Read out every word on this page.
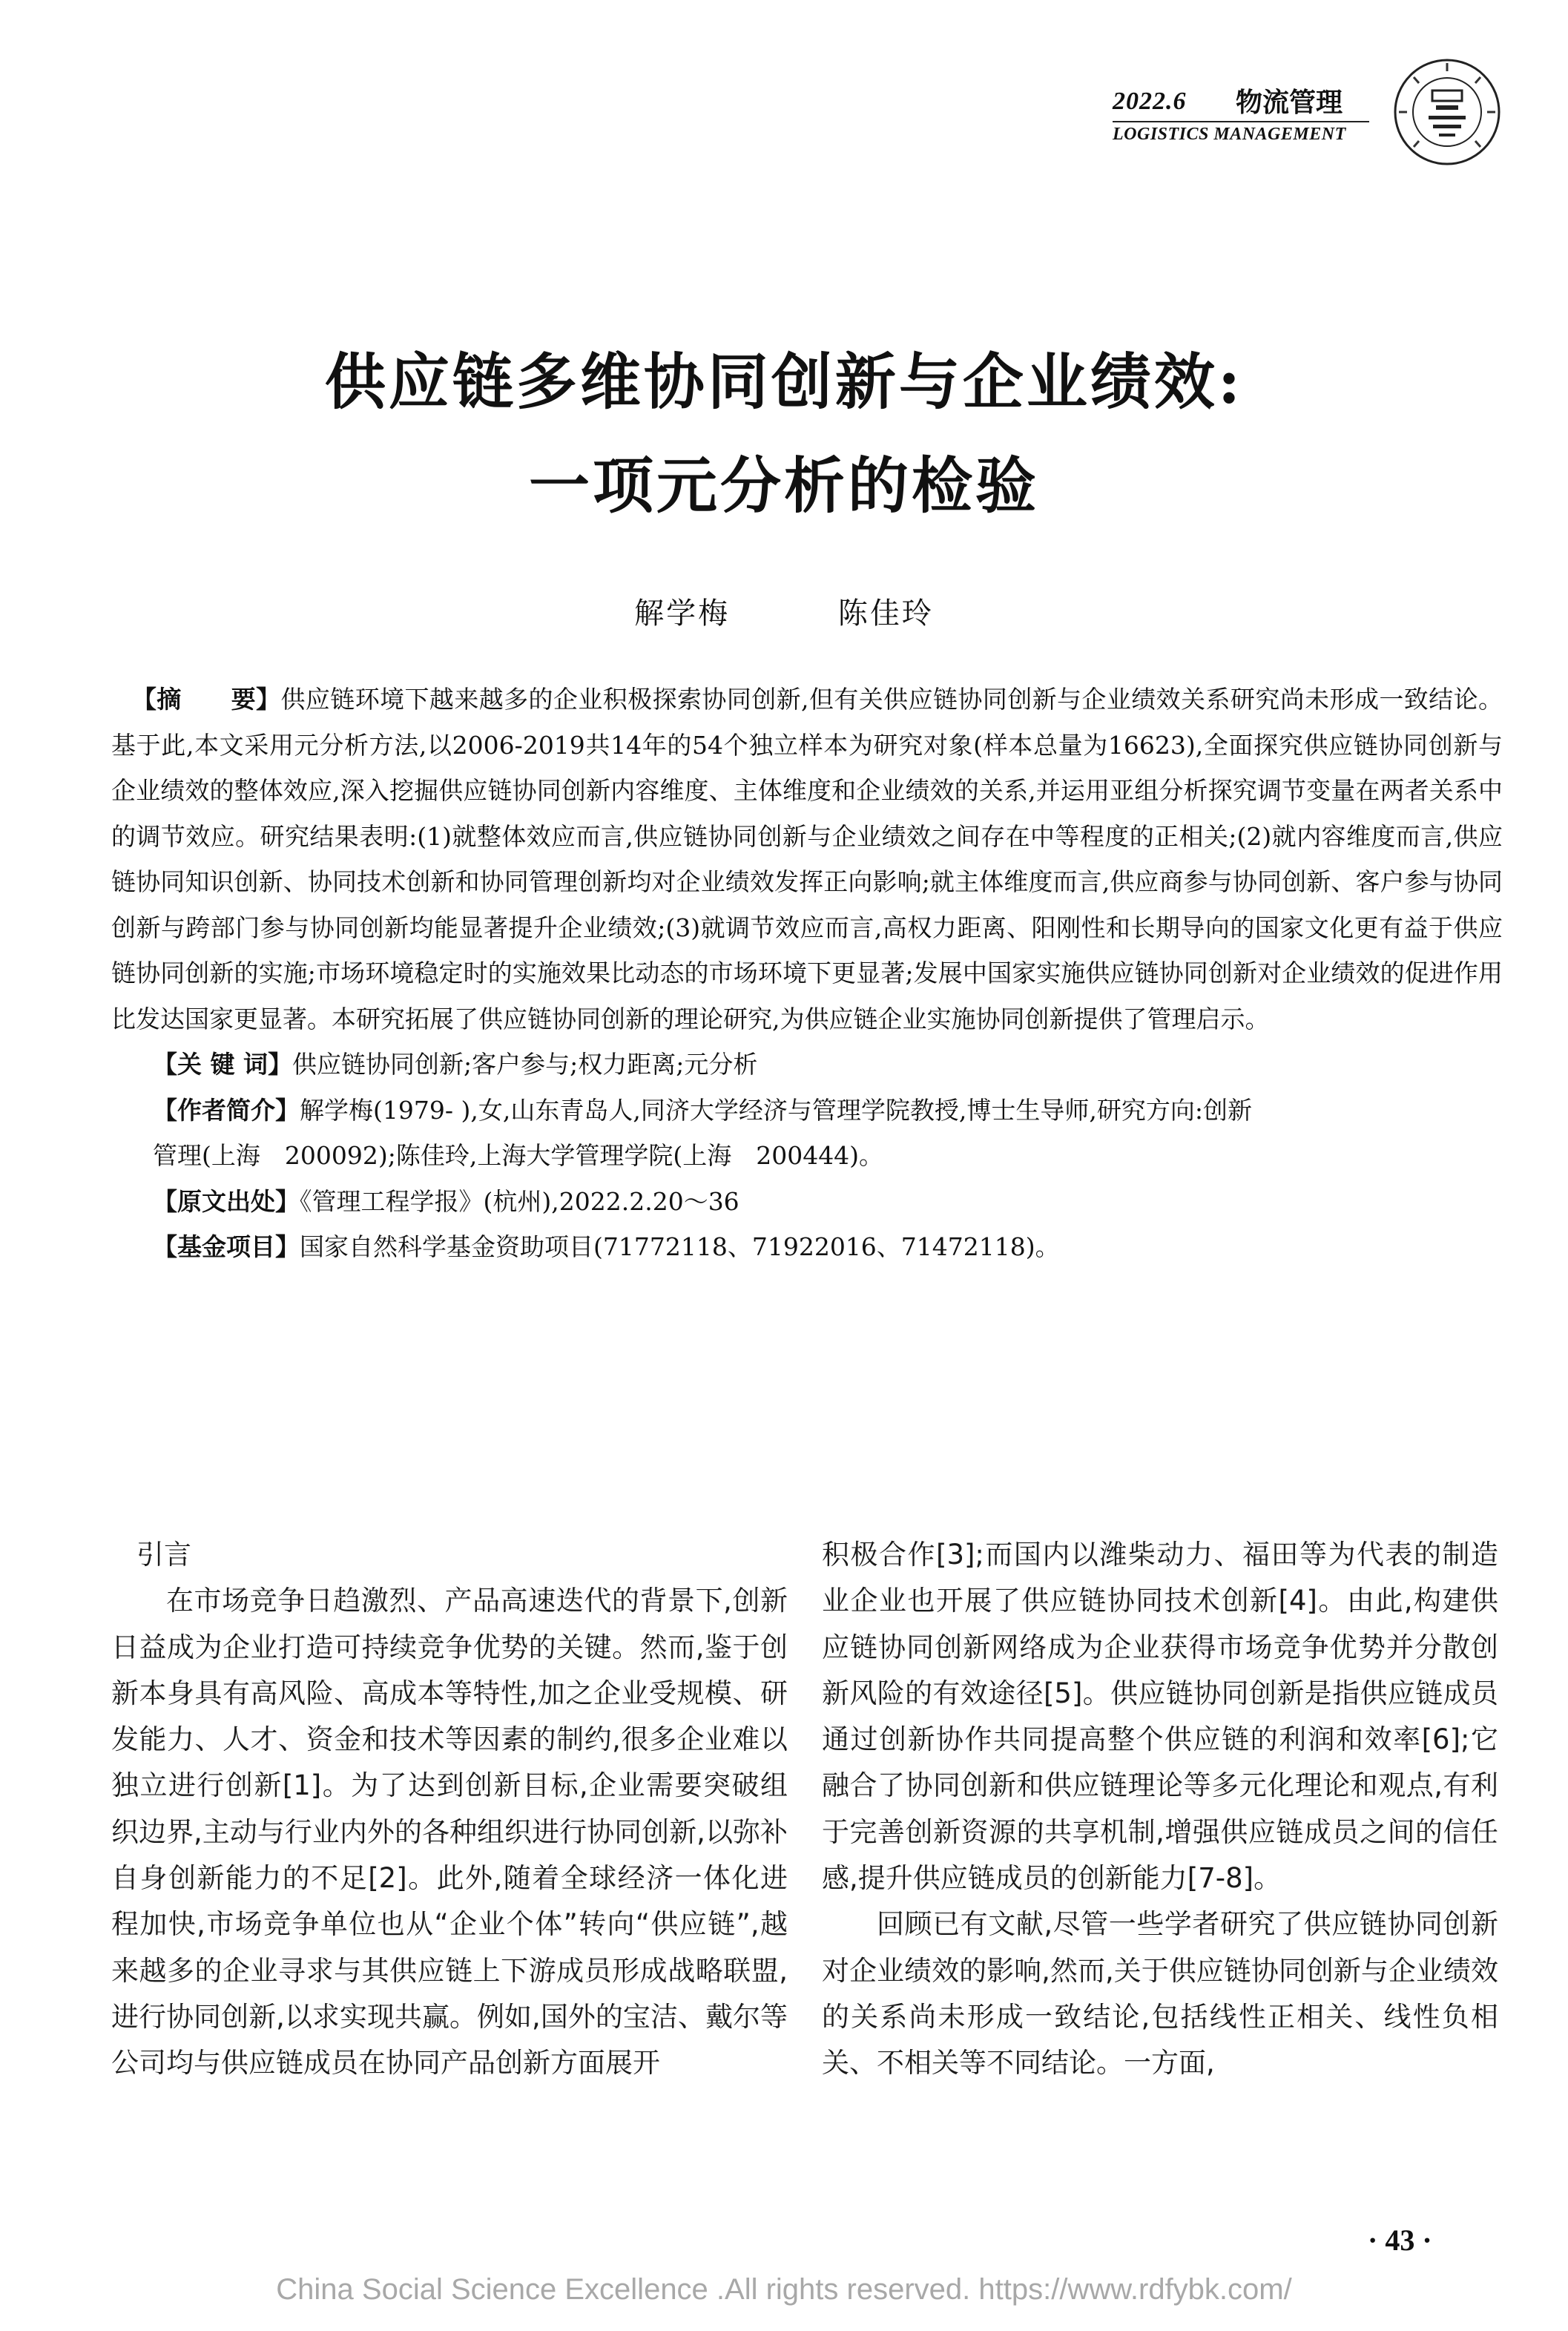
2022.6 物流管理
LOGISTICS MANAGEMENT
供应链多维协同创新与企业绩效:
一项元分析的检验
解学梅	陈佳玲

【摘　　要】供应链环境下越来越多的企业积极探索协同创新,但有关供应链协同创新与企业绩效关系研究尚未形成一致结论。基于此,本文采用元分析方法,以2006-2019共14年的54个独立样本为研究对象(样本总量为16623),全面探究供应链协同创新与企业绩效的整体效应,深入挖掘供应链协同创新内容维度、主体维度和企业绩效的关系,并运用亚组分析探究调节变量在两者关系中的调节效应。研究结果表明:(1)就整体效应而言,供应链协同创新与企业绩效之间存在中等程度的正相关;(2)就内容维度而言,供应链协同知识创新、协同技术创新和协同管理创新均对企业绩效发挥正向影响;就主体维度而言,供应商参与协同创新、客户参与协同创新与跨部门参与协同创新均能显著提升企业绩效;(3)就调节效应而言,高权力距离、阳刚性和长期导向的国家文化更有益于供应链协同创新的实施;市场环境稳定时的实施效果比动态的市场环境下更显著;发展中国家实施供应链协同创新对企业绩效的促进作用比发达国家更显著。本研究拓展了供应链协同创新的理论研究,为供应链企业实施协同创新提供了管理启示。

【关 键 词】供应链协同创新;客户参与;权力距离;元分析

【作者简介】解学梅(1979- ),女,山东青岛人,同济大学经济与管理学院教授,博士生导师,研究方向:创新
管理(上海　200092);陈佳玲,上海大学管理学院(上海　200444)。

【原文出处】《管理工程学报》(杭州),2022.2.20～36

【基金项目】国家自然科学基金资助项目(71772118、71922016、71472118)。

引言

在市场竞争日趋激烈、产品高速迭代的背景下,创新日益成为企业打造可持续竞争优势的关键。然而,鉴于创新本身具有高风险、高成本等特性,加之企业受规模、研发能力、人才、资金和技术等因素的制约,很多企业难以独立进行创新[1]。为了达到创新目标,企业需要突破组织边界,主动与行业内外的各种组织进行协同创新,以弥补自身创新能力的不足[2]。此外,随着全球经济一体化进程加快,市场竞争单位也从“企业个体”转向“供应链”,越来越多的企业寻求与其供应链上下游成员形成战略联盟,进行协同创新,以求实现共赢。例如,国外的宝洁、戴尔等公司均与供应链成员在协同产品创新方面展开

积极合作[3];而国内以潍柴动力、福田等为代表的制造业企业也开展了供应链协同技术创新[4]。由此,构建供应链协同创新网络成为企业获得市场竞争优势并分散创新风险的有效途径[5]。供应链协同创新是指供应链成员通过创新协作共同提高整个供应链的利润和效率[6];它融合了协同创新和供应链理论等多元化理论和观点,有利于完善创新资源的共享机制,增强供应链成员之间的信任感,提升供应链成员的创新能力[7-8]。

回顾已有文献,尽管一些学者研究了供应链协同创新对企业绩效的影响,然而,关于供应链协同创新与企业绩效的关系尚未形成一致结论,包括线性正相关、线性负相关、不相关等不同结论。一方面,

· 43 ·
China Social Science Excellence .All rights reserved. https://www.rdfybk.com/
